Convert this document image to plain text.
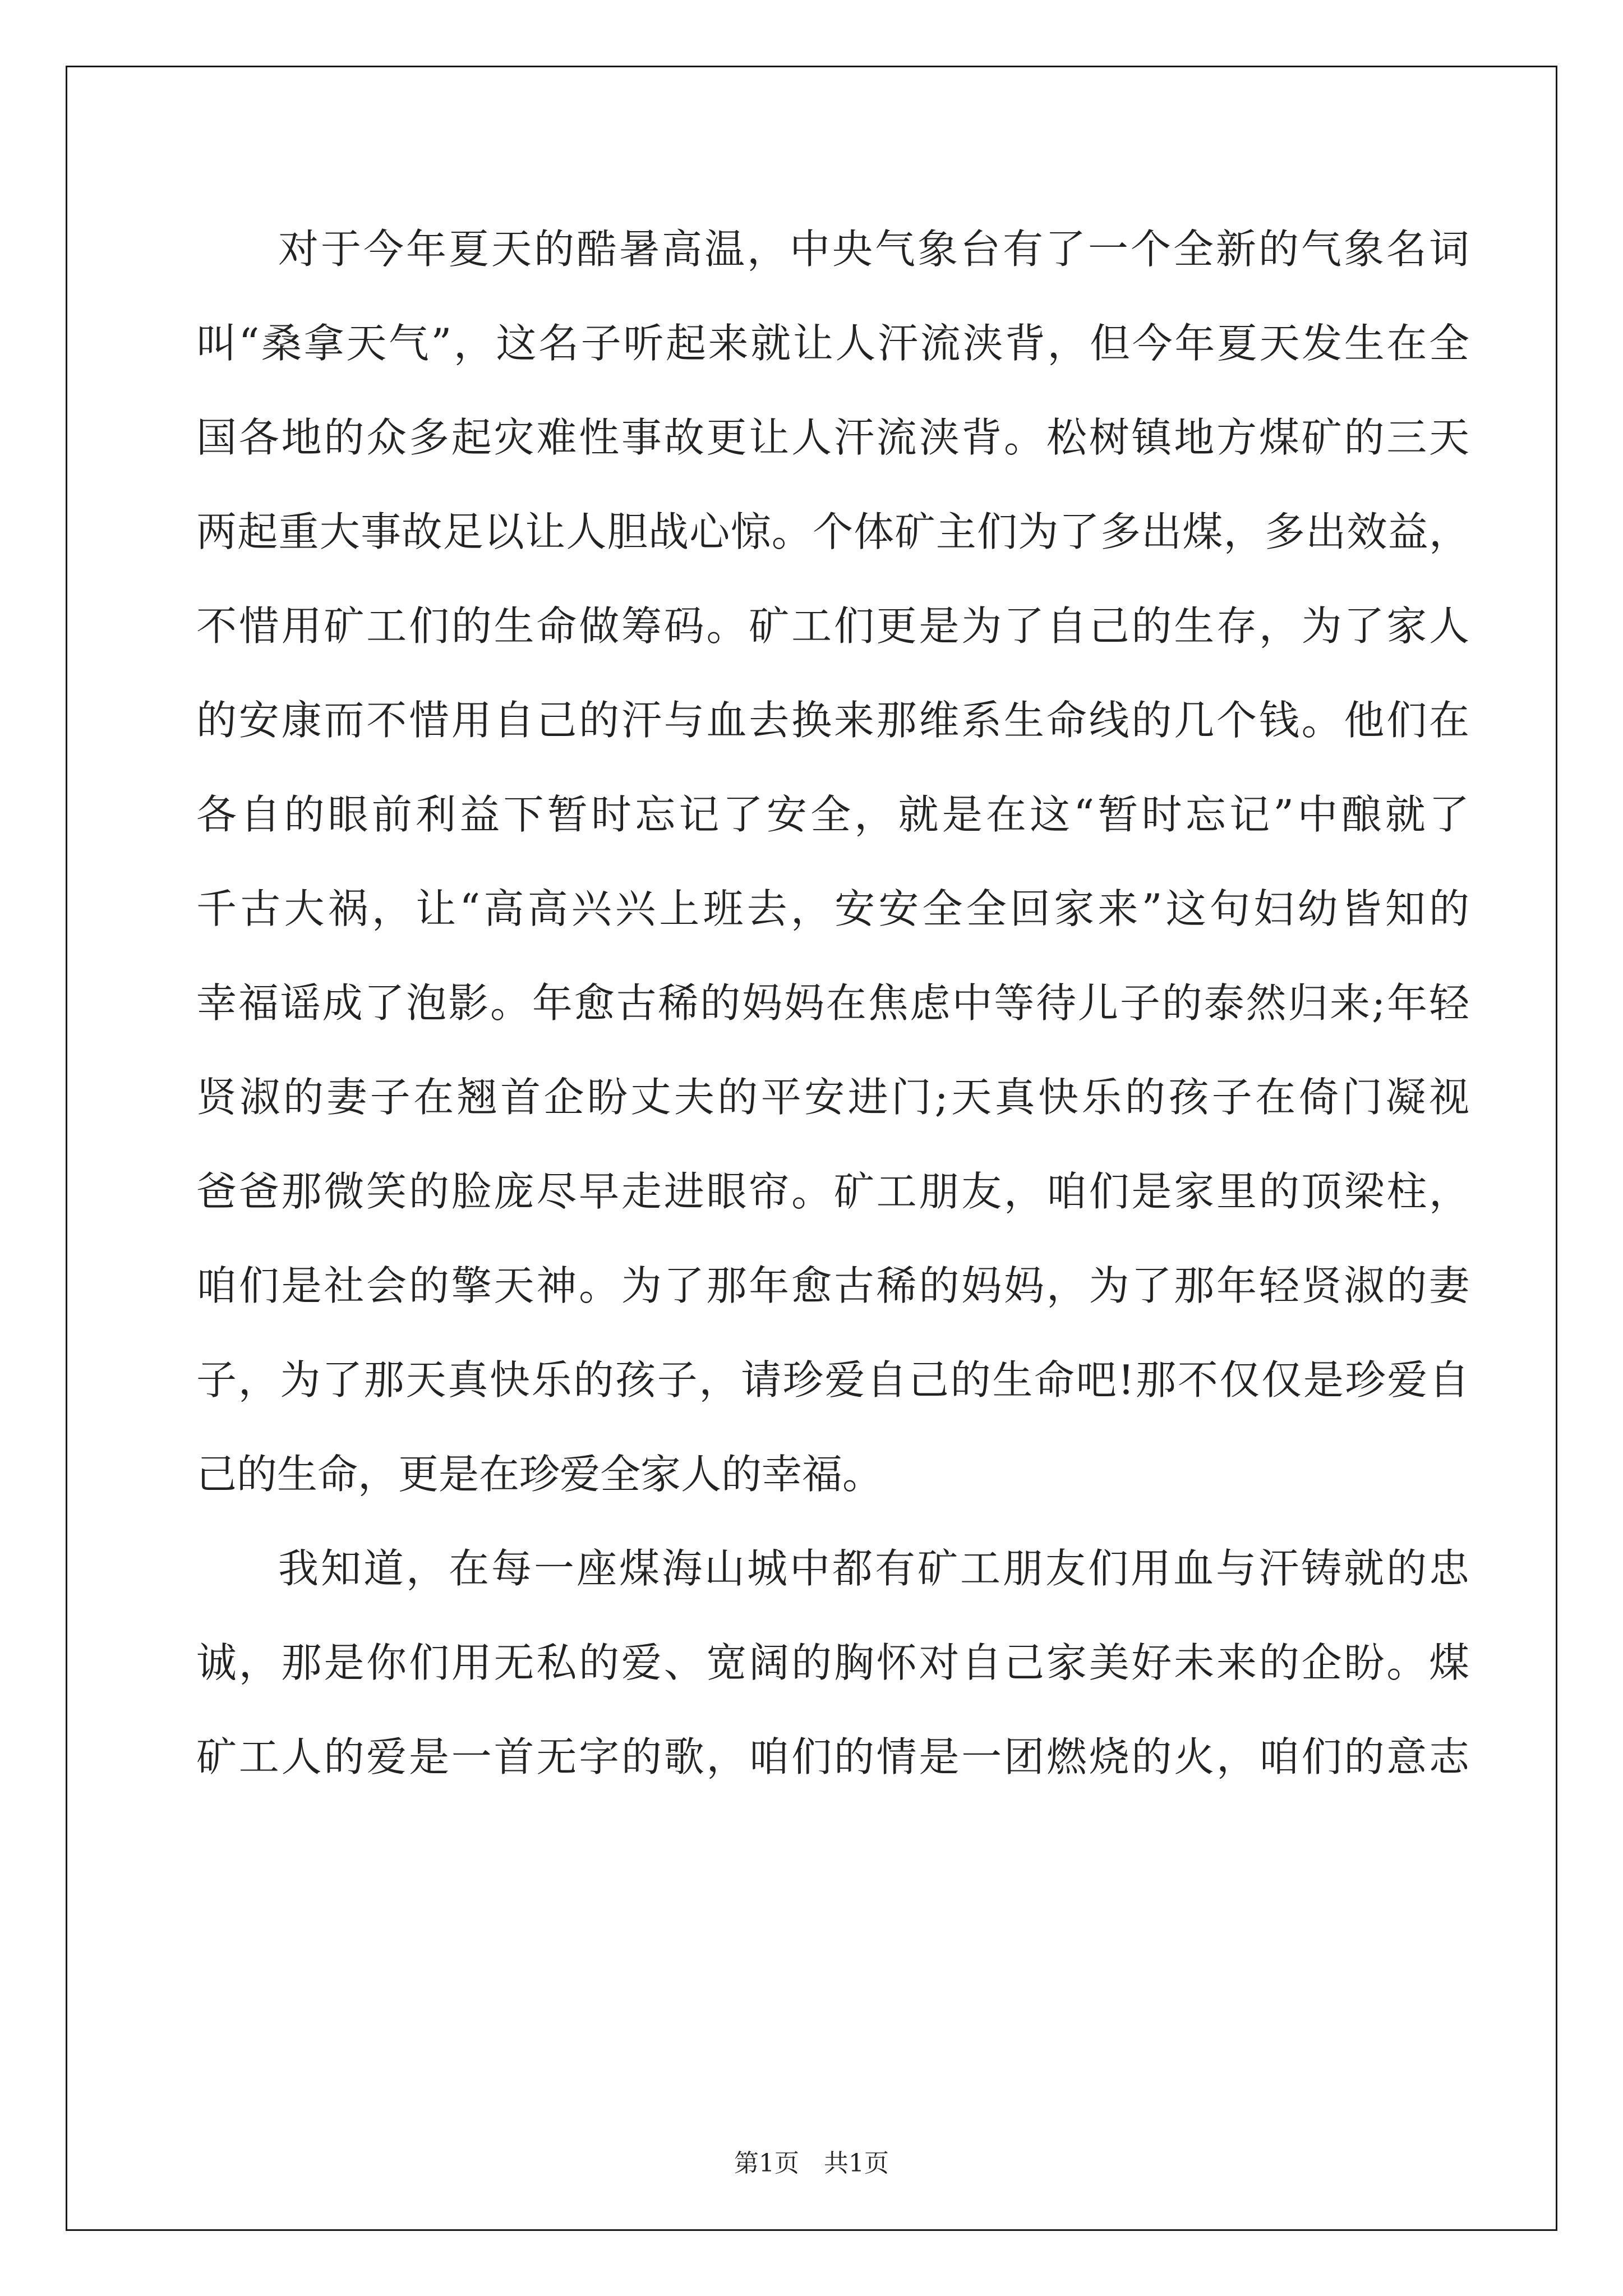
对于今年夏天的酷暑高温，中央气象台有了一个全新的气象名词
叫“桑拿天气”，这名子听起来就让人汗流浃背，但今年夏天发生在全
国各地的众多起灾难性事故更让人汗流浃背。松树镇地方煤矿的三天
两起重大事故足以让人胆战心惊。个体矿主们为了多出煤，多出效益，
不惜用矿工们的生命做筹码。矿工们更是为了自己的生存，为了家人
的安康而不惜用自己的汗与血去换来那维系生命线的几个钱。他们在
各自的眼前利益下暂时忘记了安全，就是在这“暂时忘记”中酿就了
千古大祸，让“高高兴兴上班去，安安全全回家来”这句妇幼皆知的
幸福谣成了泡影。年愈古稀的妈妈在焦虑中等待儿子的泰然归来;年轻
贤淑的妻子在翘首企盼丈夫的平安进门;天真快乐的孩子在倚门凝视
爸爸那微笑的脸庞尽早走进眼帘。矿工朋友，咱们是家里的顶梁柱，
咱们是社会的擎天神。为了那年愈古稀的妈妈，为了那年轻贤淑的妻
子，为了那天真快乐的孩子，请珍爱自己的生命吧!那不仅仅是珍爱自
己的生命，更是在珍爱全家人的幸福。
我知道，在每一座煤海山城中都有矿工朋友们用血与汗铸就的忠
诚，那是你们用无私的爱、宽阔的胸怀对自己家美好未来的企盼。煤
矿工人的爱是一首无字的歌，咱们的情是一团燃烧的火，咱们的意志
第1页　共1页
